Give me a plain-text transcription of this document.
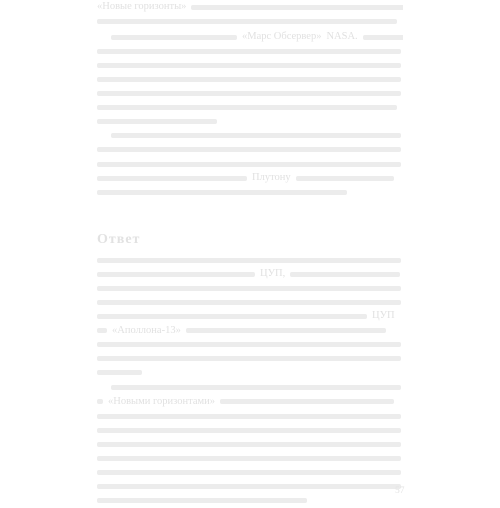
«Новые горизонты»
«Марс Обсервер» NASA.
Плутону
Ответ
ЦУП,
ЦУП
«Аполлона-13»
«Новыми горизонтами»
57
